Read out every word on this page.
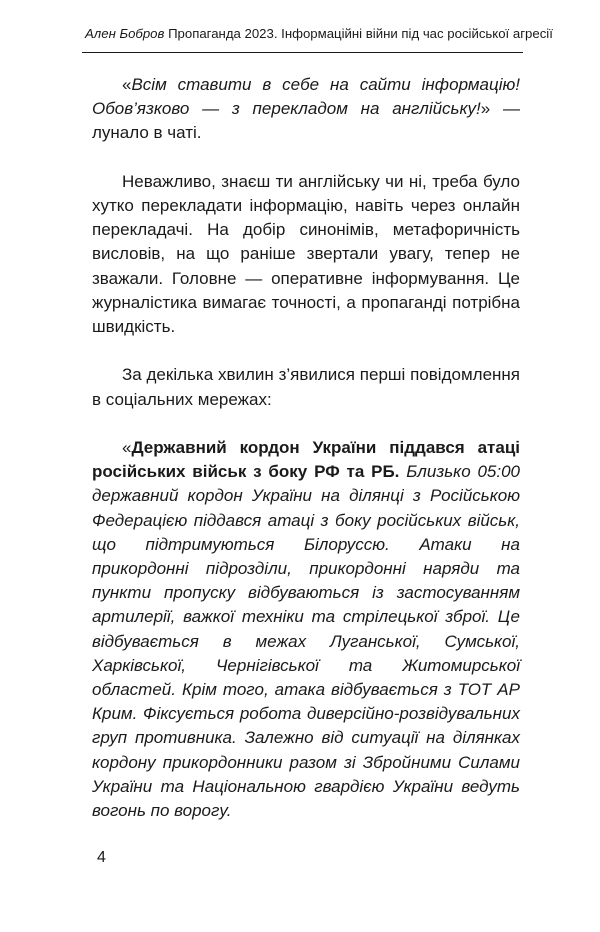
Ален Бобров Пропаганда 2023. Інформаційні війни під час російської агресії

«Всім ставити в себе на сайти інформацію! Обов’язково — з перекладом на англійську!» — лунало в чаті.

Неважливо, знаєш ти англійську чи ні, треба було хутко перекладати інформацію, навіть через онлайн перекладачі. На добір синонімів, метафоричність висловів, на що раніше звертали увагу, тепер не зважали. Головне — оперативне інформування. Це журналістика вимагає точності, а пропаганді потрібна швидкість.

За декілька хвилин з’явилися перші повідомлення в соціальних мережах:

«Державний кордон України піддався атаці російських військ з боку РФ та РБ. Близько 05:00 державний кордон України на ділянці з Російською Федерацією піддався атаці з боку російських військ, що підтримуються Білоруссю. Атаки на прикордонні підрозділи, прикордонні наряди та пункти пропуску відбуваються із застосуванням артилерії, важкої техніки та стрілецької зброї. Це відбувається в межах Луганської, Сумської, Харківської, Чернігівської та Житомирської областей. Крім того, атака відбувається з ТОТ АР Крим. Фіксується робота диверсійно-розвідувальних груп противника. Залежно від ситуації на ділянках кордону прикордонники разом зі Збройними Силами України та Національною гвардією України ведуть вогонь по ворогу.

4
